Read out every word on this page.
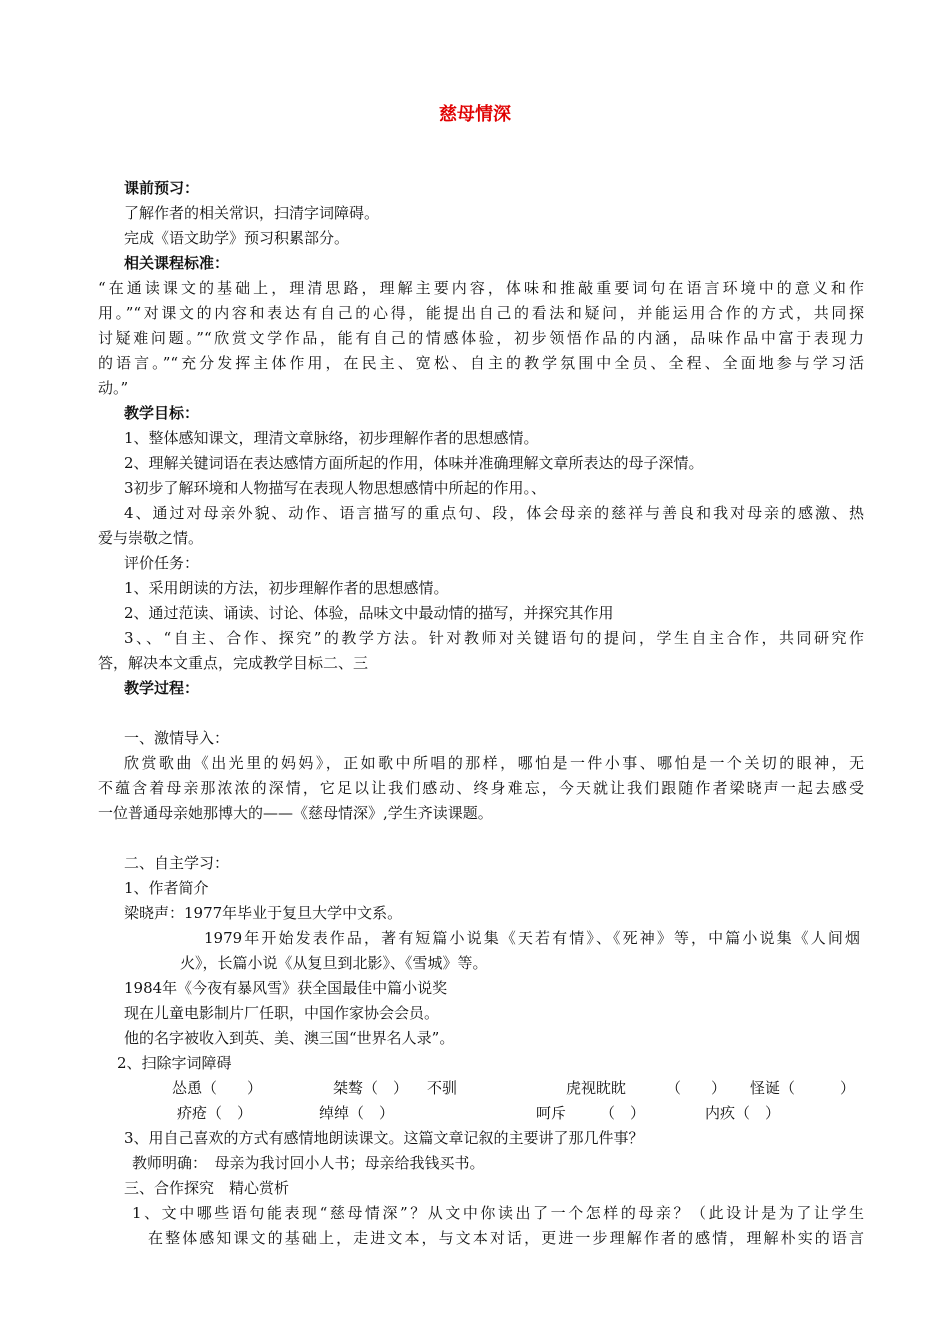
慈母情深
课前预习：
了解作者的相关常识，扫清字词障碍。
完成《语文助学》预习积累部分。
相关课程标准：
“在通读课文的基础上，理清思路，理解主要内容，体味和推敲重要词句在语言环境中的意义和作
用。”“对课文的内容和表达有自己的心得，能提出自己的看法和疑问，并能运用合作的方式，共同探
讨疑难问题。”“欣赏文学作品，能有自己的情感体验，初步领悟作品的内涵，品味作品中富于表现力
的语言。”“充分发挥主体作用，在民主、宽松、自主的教学氛围中全员、全程、全面地参与学习活
动。”
教学目标：
1、整体感知课文，理清文章脉络，初步理解作者的思想感情。
2、理解关键词语在表达感情方面所起的作用，体味并准确理解文章所表达的母子深情。
3初步了解环境和人物描写在表现人物思想感情中所起的作用。、
4、通过对母亲外貌、动作、语言描写的重点句、段，体会母亲的慈祥与善良和我对母亲的感激、热
爱与崇敬之情。
评价任务：
1、采用朗读的方法，初步理解作者的思想感情。
2、通过范读、诵读、讨论、体验，品味文中最动情的描写，并探究其作用
3、、“自主、合作、探究”的教学方法。针对教师对关键语句的提问，学生自主合作，共同研究作
答，解决本文重点，完成教学目标二、三
教学过程：
一、激情导入：
欣赏歌曲《出光里的妈妈》，正如歌中所唱的那样，哪怕是一件小事、哪怕是一个关切的眼神，无
不蕴含着母亲那浓浓的深情，它足以让我们感动、终身难忘，今天就让我们跟随作者梁晓声一起去感受
一位普通母亲她那博大的——《慈母情深》,学生齐读课题。
二、自主学习：
1、作者简介
梁晓声：1977年毕业于复旦大学中文系。
1979年开始发表作品，著有短篇小说集《天若有情》、《死神》等，中篇小说集《人间烟
火》，长篇小说《从复旦到北影》、《雪城》等。
1984年《今夜有暴风雪》获全国最佳中篇小说奖
现在儿童电影制片厂任职，中国作家协会会员。
他的名字被收入到英、美、澳三国“世界名人录”。
2、扫除字词障碍
怂恿（　　）	桀骜（　） 不驯	虎视眈眈	（　　） 怪诞（　　　）
疥疮（　）	绰绰（　）	呵斥 （　）	内疚（　）
3、用自己喜欢的方式有感情地朗读课文。这篇文章记叙的主要讲了那几件事？
教师明确：　母亲为我讨回小人书；母亲给我钱买书。
三、合作探究　精心赏析
1、文中哪些语句能表现“慈母情深”？从文中你读出了一个怎样的母亲？（此设计是为了让学生
在整体感知课文的基础上，走进文本，与文本对话，更进一步理解作者的感情，理解朴实的语言
